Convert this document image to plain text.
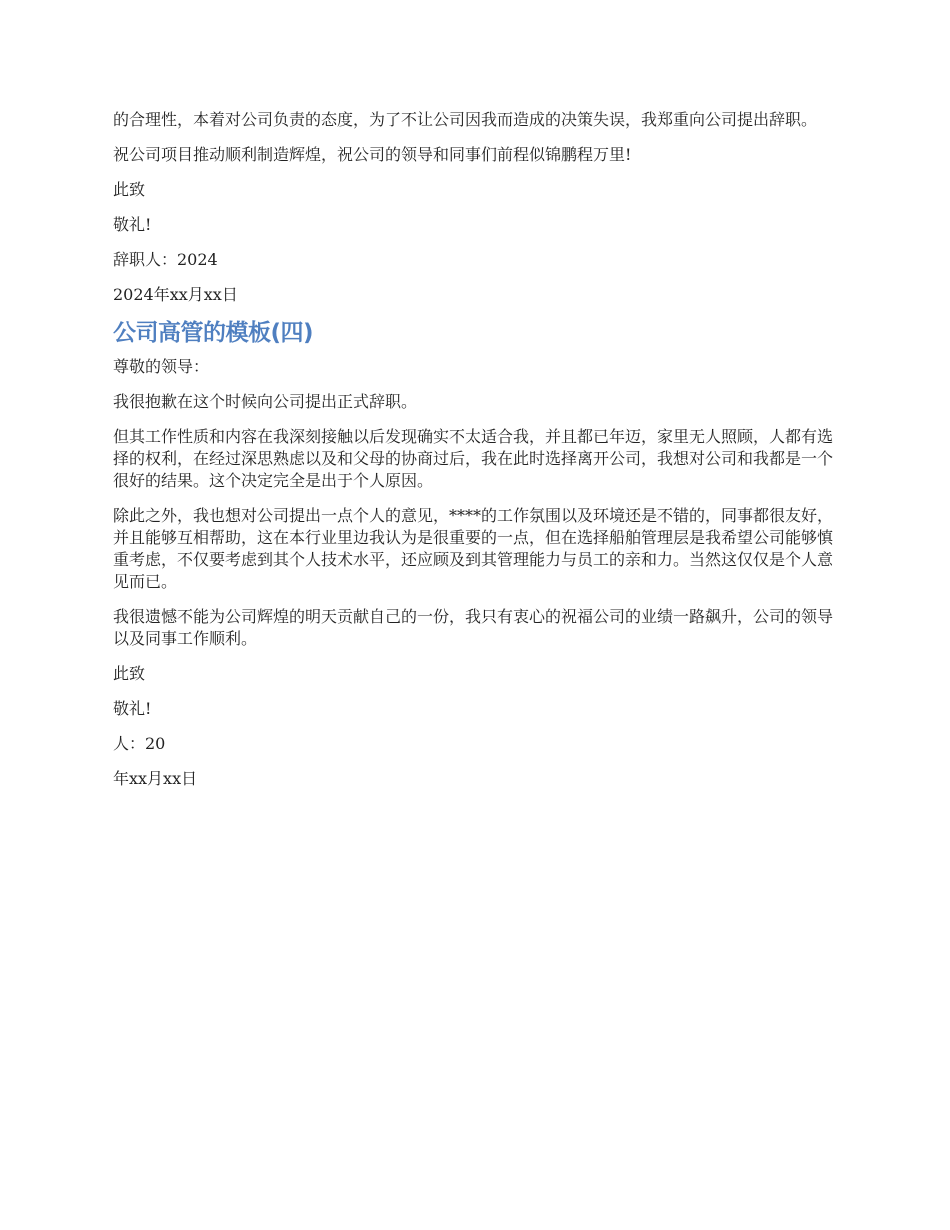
的合理性，本着对公司负责的态度，为了不让公司因我而造成的决策失误，我郑重向公司提出辞职。

祝公司项目推动顺利制造辉煌，祝公司的领导和同事们前程似锦鹏程万里!

此致

敬礼!

辞职人：2024

2024年xx月xx日

公司高管的模板(四)

尊敬的领导：

我很抱歉在这个时候向公司提出正式辞职。

但其工作性质和内容在我深刻接触以后发现确实不太适合我，并且都已年迈，家里无人照顾，人都有选择的权利，在经过深思熟虑以及和父母的协商过后，我在此时选择离开公司，我想对公司和我都是一个很好的结果。这个决定完全是出于个人原因。

除此之外，我也想对公司提出一点个人的意见，****的工作氛围以及环境还是不错的，同事都很友好，并且能够互相帮助，这在本行业里边我认为是很重要的一点，但在选择船舶管理层是我希望公司能够慎重考虑，不仅要考虑到其个人技术水平，还应顾及到其管理能力与员工的亲和力。当然这仅仅是个人意见而已。

我很遗憾不能为公司辉煌的明天贡献自己的一份，我只有衷心的祝福公司的业绩一路飙升，公司的领导以及同事工作顺利。

此致

敬礼!

人：20

年xx月xx日
